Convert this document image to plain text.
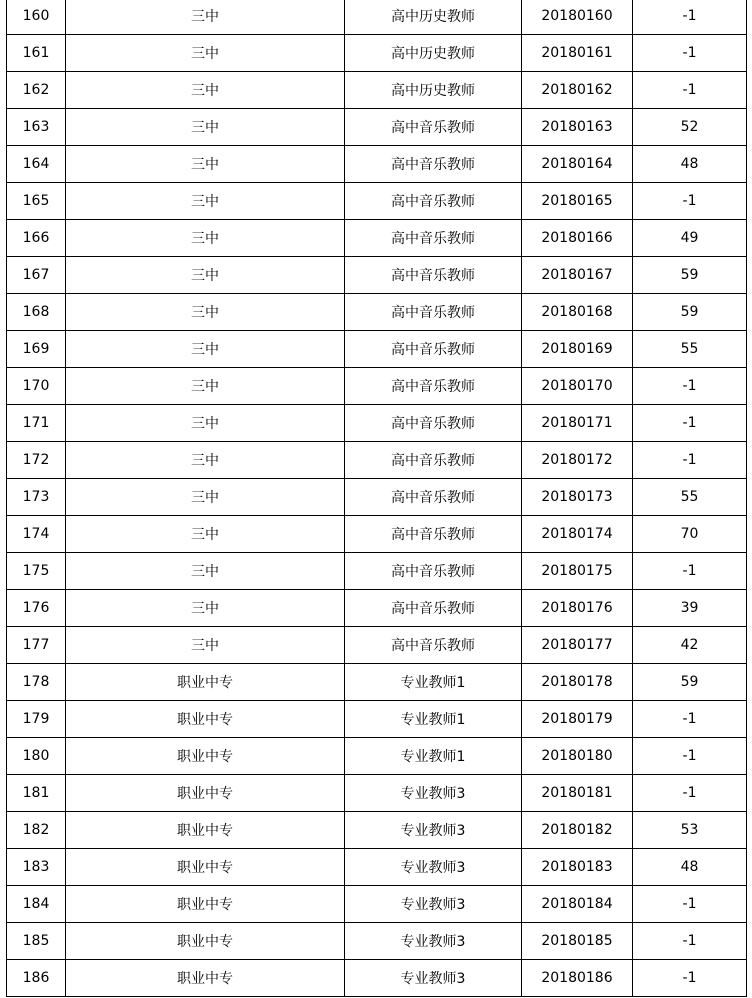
160	三中	高中历史教师	20180160	-1
161	三中	高中历史教师	20180161	-1
162	三中	高中历史教师	20180162	-1
163	三中	高中音乐教师	20180163	52
164	三中	高中音乐教师	20180164	48
165	三中	高中音乐教师	20180165	-1
166	三中	高中音乐教师	20180166	49
167	三中	高中音乐教师	20180167	59
168	三中	高中音乐教师	20180168	59
169	三中	高中音乐教师	20180169	55
170	三中	高中音乐教师	20180170	-1
171	三中	高中音乐教师	20180171	-1
172	三中	高中音乐教师	20180172	-1
173	三中	高中音乐教师	20180173	55
174	三中	高中音乐教师	20180174	70
175	三中	高中音乐教师	20180175	-1
176	三中	高中音乐教师	20180176	39
177	三中	高中音乐教师	20180177	42
178	职业中专	专业教师1	20180178	59
179	职业中专	专业教师1	20180179	-1
180	职业中专	专业教师1	20180180	-1
181	职业中专	专业教师3	20180181	-1
182	职业中专	专业教师3	20180182	53
183	职业中专	专业教师3	20180183	48
184	职业中专	专业教师3	20180184	-1
185	职业中专	专业教师3	20180185	-1
186	职业中专	专业教师3	20180186	-1
